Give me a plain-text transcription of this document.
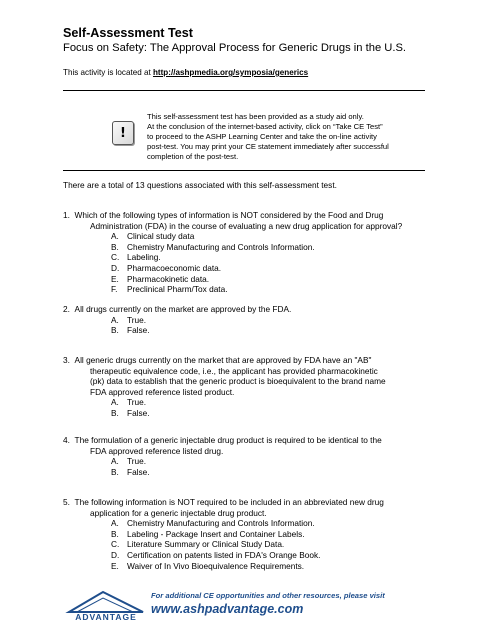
Self-Assessment Test

Focus on Safety: The Approval Process for Generic Drugs in the U.S.

This activity is located at http://ashpmedia.org/symposia/generics
!
This self-assessment test has been provided as a study aid only.
At the conclusion of the internet-based activity, click on “Take CE Test”
to proceed to the ASHP Learning Center and take the on-line activity
post-test. You may print your CE statement immediately after successful
completion of the post-test.
There are a total of 13 questions associated with this self-assessment test.
1. Which of the following types of information is NOT considered by the Food and Drug
Administration (FDA) in the course of evaluating a new drug application for approval?
A. Clinical study data
B. Chemistry Manufacturing and Controls Information.
C. Labeling.
D. Pharmacoeconomic data.
E. Pharmacokinetic data.
F. Preclinical Pharm/Tox data.
2. All drugs currently on the market are approved by the FDA.
A. True.
B. False.
3. All generic drugs currently on the market that are approved by FDA have an "AB"
therapeutic equivalence code, i.e., the applicant has provided pharmacokinetic
(pk) data to establish that the generic product is bioequivalent to the brand name
FDA approved reference listed product.
A. True.
B. False.
4. The formulation of a generic injectable drug product is required to be identical to the
FDA approved reference listed drug.
A. True.
B. False.
5. The following information is NOT required to be included in an abbreviated new drug
application for a generic injectable drug product.
A. Chemistry Manufacturing and Controls Information.
B. Labeling - Package Insert and Container Labels.
C. Literature Summary or Clinical Study Data.
D. Certification on patents listed in FDA's Orange Book.
E. Waiver of In Vivo Bioequivalence Requirements.
ADVANTAGE
For additional CE opportunities and other resources, please visit
www.ashpadvantage.com
